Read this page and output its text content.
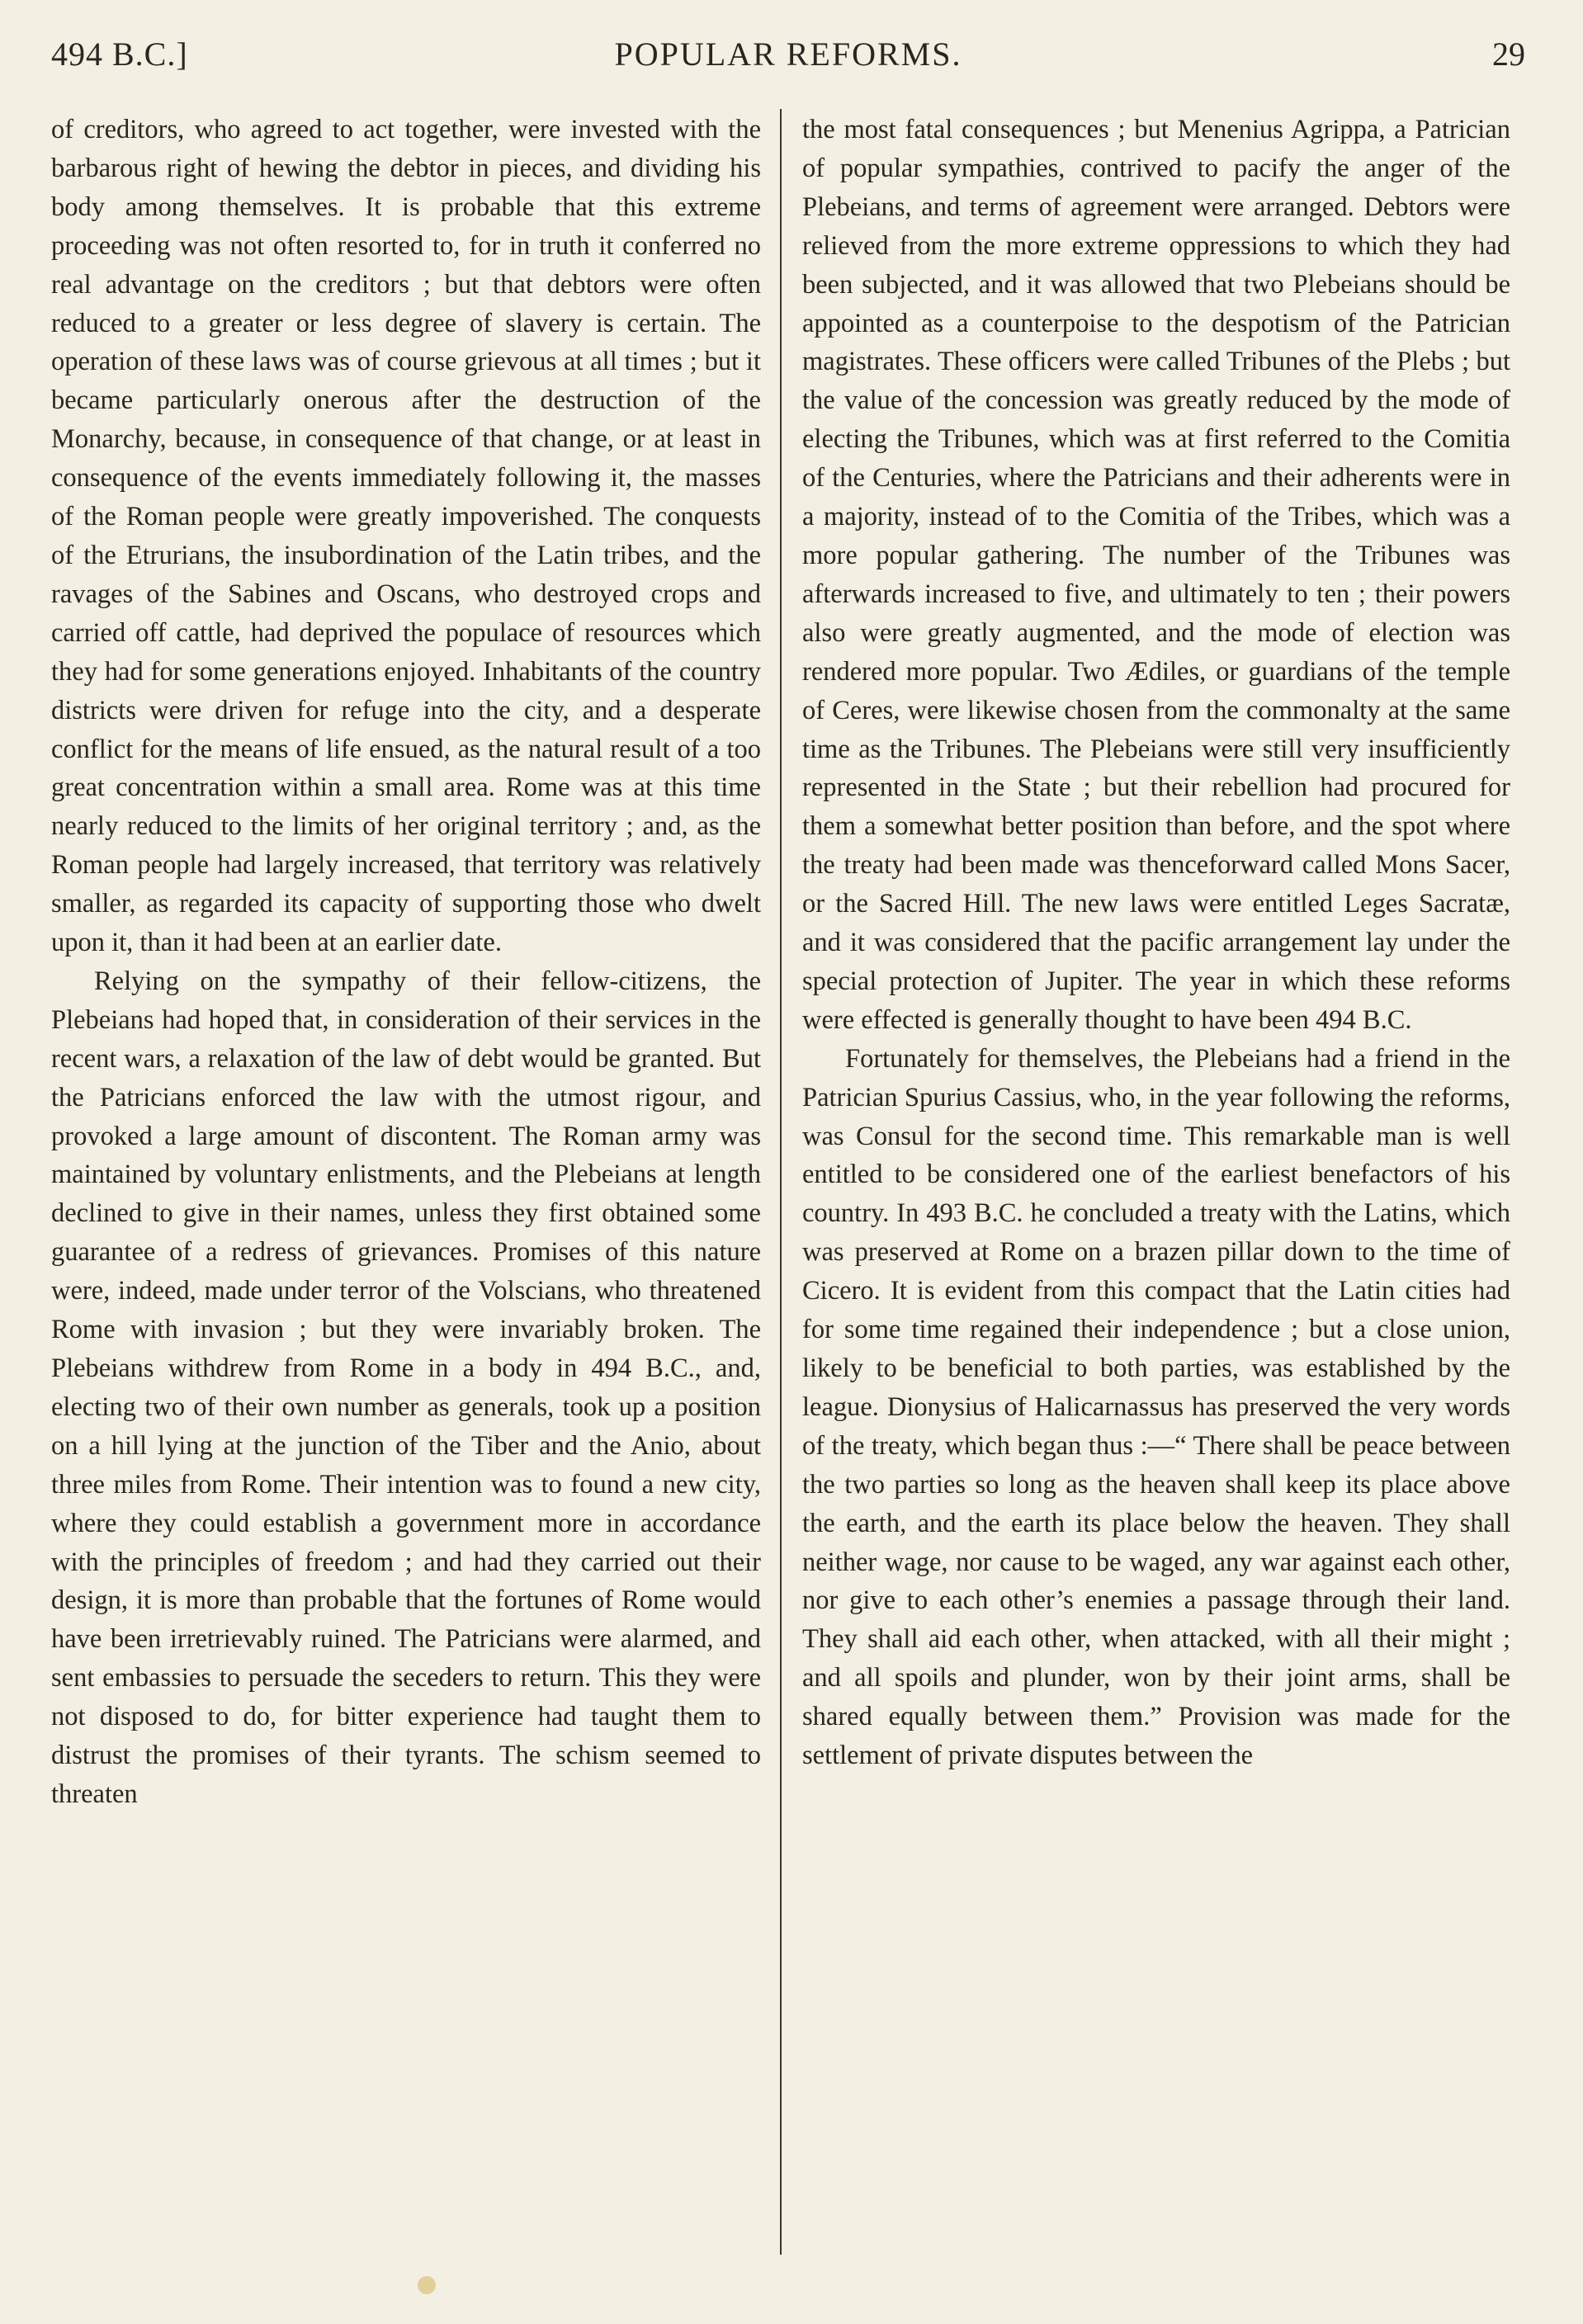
494 B.C.]	POPULAR REFORMS.	29

of creditors, who agreed to act together, were invested with the barbarous right of hewing the debtor in pieces, and dividing his body among themselves. It is probable that this extreme proceeding was not often resorted to, for in truth it conferred no real advantage on the creditors ; but that debtors were often reduced to a greater or less degree of slavery is certain. The operation of these laws was of course grievous at all times ; but it became particularly onerous after the destruction of the Monarchy, because, in consequence of that change, or at least in consequence of the events immediately following it, the masses of the Roman people were greatly impoverished. The conquests of the Etrurians, the insubordination of the Latin tribes, and the ravages of the Sabines and Oscans, who destroyed crops and carried off cattle, had deprived the populace of resources which they had for some generations enjoyed. Inhabitants of the country districts were driven for refuge into the city, and a desperate conflict for the means of life ensued, as the natural result of a too great concentration within a small area. Rome was at this time nearly reduced to the limits of her original territory ; and, as the Roman people had largely increased, that territory was relatively smaller, as regarded its capacity of supporting those who dwelt upon it, than it had been at an earlier date.

Relying on the sympathy of their fellow-citizens, the Plebeians had hoped that, in consideration of their services in the recent wars, a relaxation of the law of debt would be granted. But the Patricians enforced the law with the utmost rigour, and provoked a large amount of discontent. The Roman army was maintained by voluntary enlistments, and the Plebeians at length declined to give in their names, unless they first obtained some guarantee of a redress of grievances. Promises of this nature were, indeed, made under terror of the Volscians, who threatened Rome with invasion ; but they were invariably broken. The Plebeians withdrew from Rome in a body in 494 B.C., and, electing two of their own number as generals, took up a position on a hill lying at the junction of the Tiber and the Anio, about three miles from Rome. Their intention was to found a new city, where they could establish a government more in accordance with the principles of freedom ; and had they carried out their design, it is more than probable that the fortunes of Rome would have been irretrievably ruined. The Patricians were alarmed, and sent embassies to persuade the seceders to return. This they were not disposed to do, for bitter experience had taught them to distrust the promises of their tyrants. The schism seemed to threaten

the most fatal consequences ; but Menenius Agrippa, a Patrician of popular sympathies, contrived to pacify the anger of the Plebeians, and terms of agreement were arranged. Debtors were relieved from the more extreme oppressions to which they had been subjected, and it was allowed that two Plebeians should be appointed as a counterpoise to the despotism of the Patrician magistrates. These officers were called Tribunes of the Plebs ; but the value of the concession was greatly reduced by the mode of electing the Tribunes, which was at first referred to the Comitia of the Centuries, where the Patricians and their adherents were in a majority, instead of to the Comitia of the Tribes, which was a more popular gathering. The number of the Tribunes was afterwards increased to five, and ultimately to ten ; their powers also were greatly augmented, and the mode of election was rendered more popular. Two Ædiles, or guardians of the temple of Ceres, were likewise chosen from the commonalty at the same time as the Tribunes. The Plebeians were still very insufficiently represented in the State ; but their rebellion had procured for them a somewhat better position than before, and the spot where the treaty had been made was thenceforward called Mons Sacer, or the Sacred Hill. The new laws were entitled Leges Sacratæ, and it was considered that the pacific arrangement lay under the special protection of Jupiter. The year in which these reforms were effected is generally thought to have been 494 B.C.

Fortunately for themselves, the Plebeians had a friend in the Patrician Spurius Cassius, who, in the year following the reforms, was Consul for the second time. This remarkable man is well entitled to be considered one of the earliest benefactors of his country. In 493 B.C. he concluded a treaty with the Latins, which was preserved at Rome on a brazen pillar down to the time of Cicero. It is evident from this compact that the Latin cities had for some time regained their independence ; but a close union, likely to be beneficial to both parties, was established by the league. Dionysius of Halicarnassus has preserved the very words of the treaty, which began thus :—“ There shall be peace between the two parties so long as the heaven shall keep its place above the earth, and the earth its place below the heaven. They shall neither wage, nor cause to be waged, any war against each other, nor give to each other’s enemies a passage through their land. They shall aid each other, when attacked, with all their might ; and all spoils and plunder, won by their joint arms, shall be shared equally between them.” Provision was made for the settlement of private disputes between the
